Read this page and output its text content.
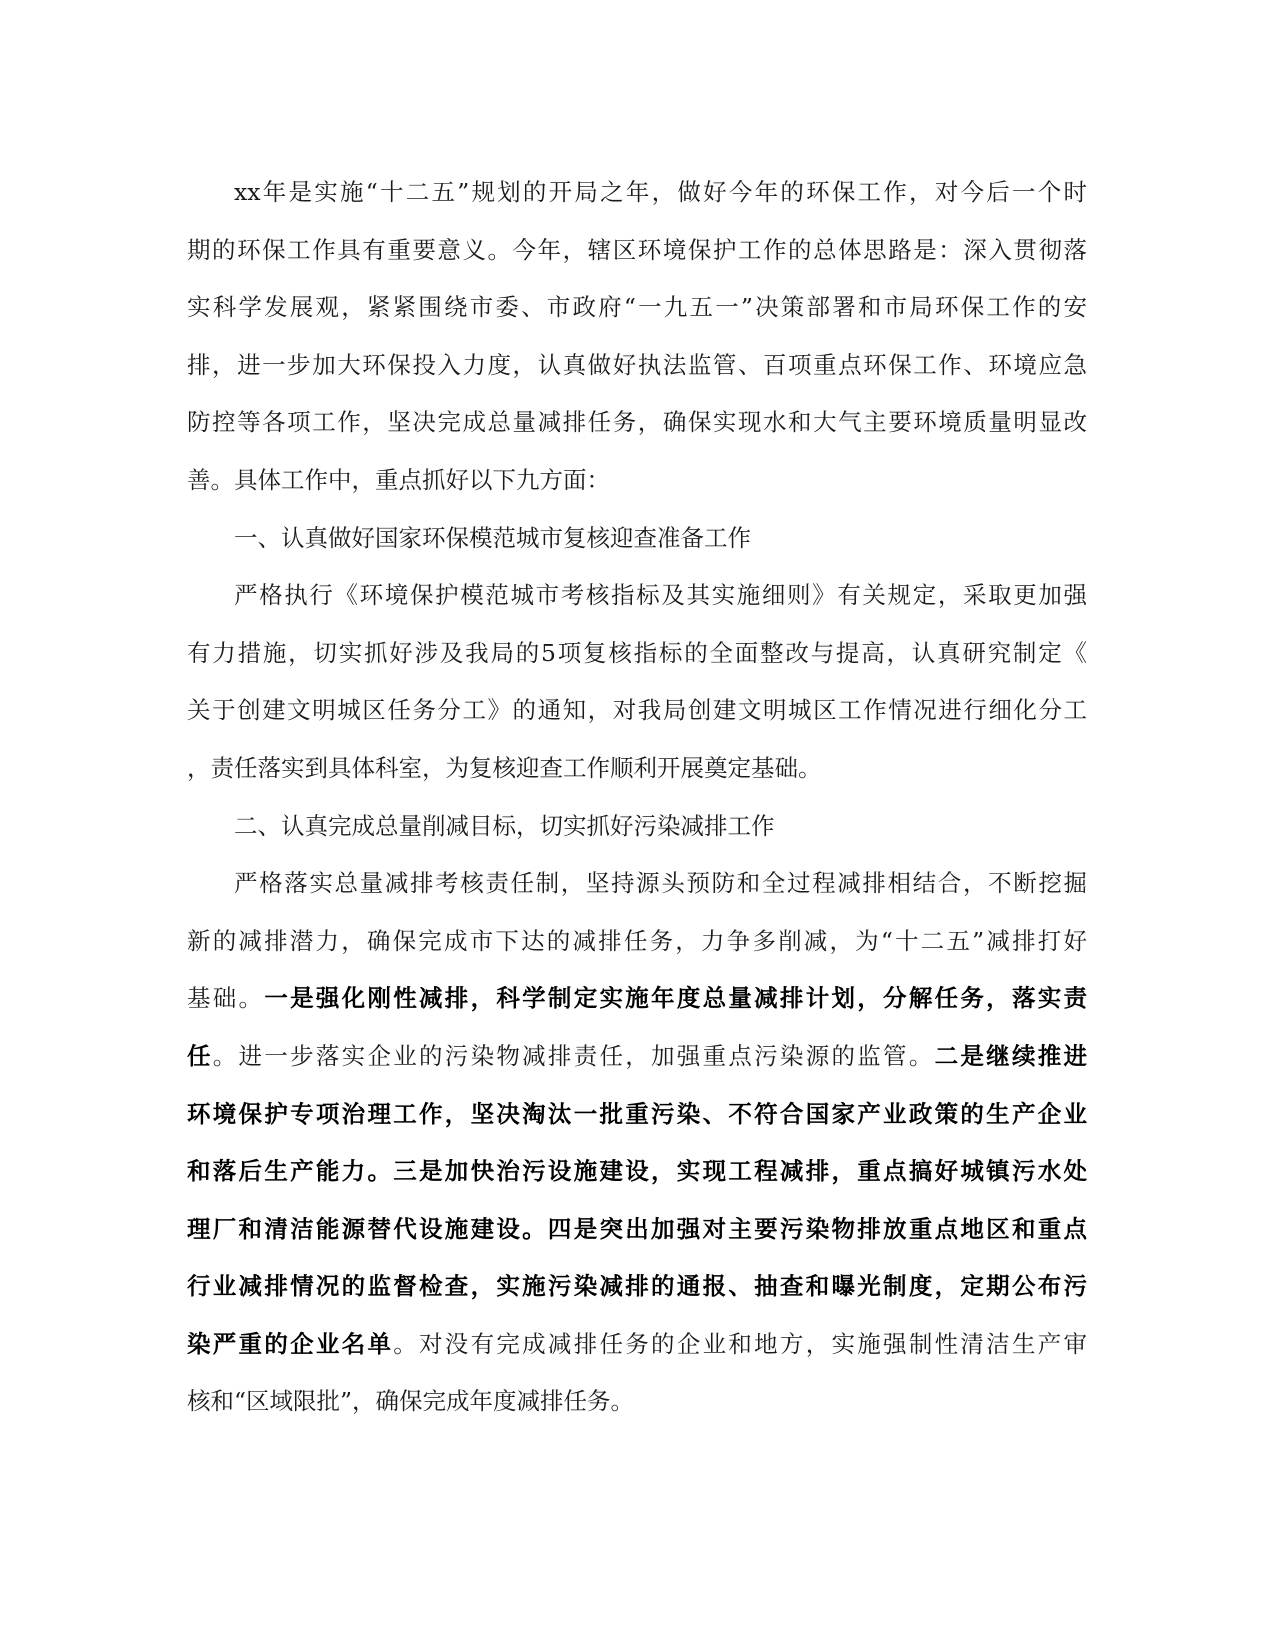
xx年是实施“十二五”规划的开局之年，做好今年的环保工作，对今后一个时
期的环保工作具有重要意义。今年，辖区环境保护工作的总体思路是：深入贯彻落
实科学发展观，紧紧围绕市委、市政府“一九五一”决策部署和市局环保工作的安
排，进一步加大环保投入力度，认真做好执法监管、百项重点环保工作、环境应急
防控等各项工作，坚决完成总量减排任务，确保实现水和大气主要环境质量明显改
善。具体工作中，重点抓好以下九方面：
一、认真做好国家环保模范城市复核迎查准备工作
严格执行《环境保护模范城市考核指标及其实施细则》有关规定，采取更加强
有力措施，切实抓好涉及我局的5项复核指标的全面整改与提高，认真研究制定《
关于创建文明城区任务分工》的通知，对我局创建文明城区工作情况进行细化分工
，责任落实到具体科室，为复核迎查工作顺利开展奠定基础。
二、认真完成总量削减目标，切实抓好污染减排工作
严格落实总量减排考核责任制，坚持源头预防和全过程减排相结合，不断挖掘
新的减排潜力，确保完成市下达的减排任务，力争多削减，为“十二五”减排打好
基础。一是强化刚性减排，科学制定实施年度总量减排计划，分解任务，落实责
任。进一步落实企业的污染物减排责任，加强重点污染源的监管。二是继续推进
环境保护专项治理工作，坚决淘汰一批重污染、不符合国家产业政策的生产企业
和落后生产能力。三是加快治污设施建设，实现工程减排，重点搞好城镇污水处
理厂和清洁能源替代设施建设。四是突出加强对主要污染物排放重点地区和重点
行业减排情况的监督检查，实施污染减排的通报、抽查和曝光制度，定期公布污
染严重的企业名单。对没有完成减排任务的企业和地方，实施强制性清洁生产审
核和“区域限批”，确保完成年度减排任务。
